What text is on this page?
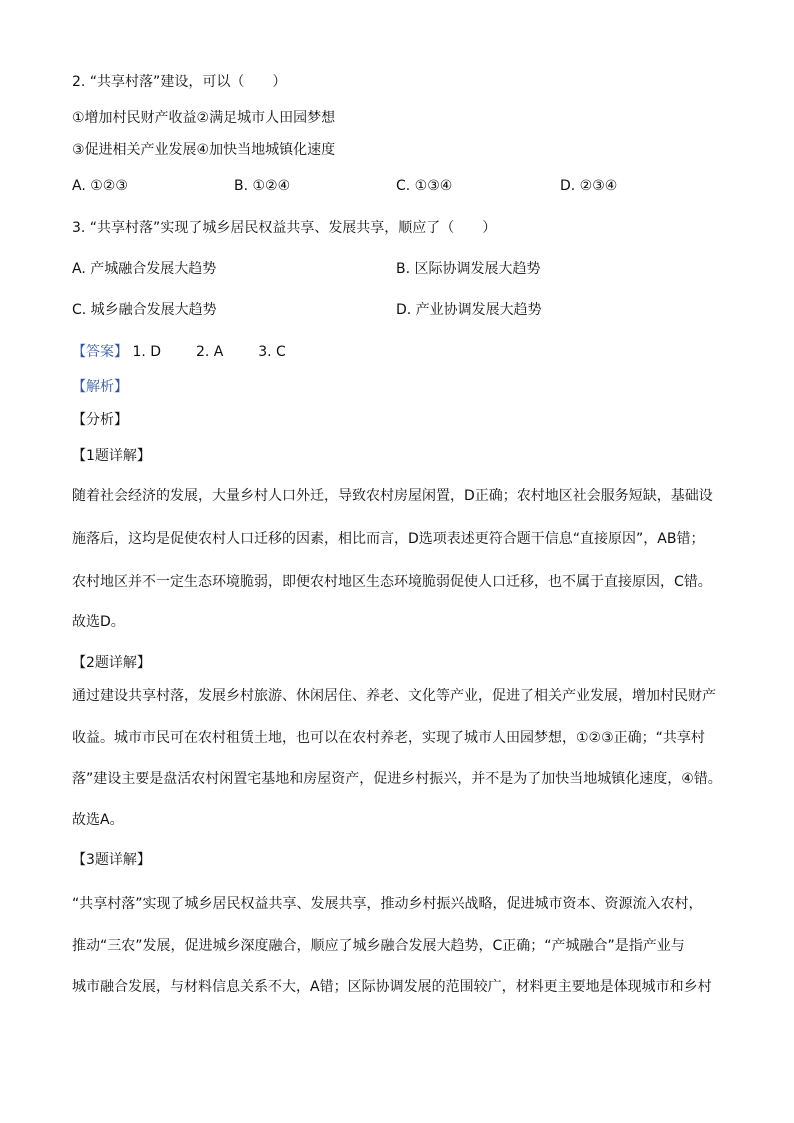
2. “共享村落”建设，可以（　　）
①增加村民财产收益②满足城市人田园梦想
③促进相关产业发展④加快当地城镇化速度
A. ①②③	B. ①②④	C. ①③④	D. ②③④
3. “共享村落”实现了城乡居民权益共享、发展共享，顺应了（　　）
A. 产城融合发展大趋势	B. 区际协调发展大趋势
C. 城乡融合发展大趋势	D. 产业协调发展大趋势
【答案】 1. D 2. A 3. C
【解析】
【分析】
【1题详解】
随着社会经济的发展，大量乡村人口外迁，导致农村房屋闲置，D正确；农村地区社会服务短缺，基础设
施落后，这均是促使农村人口迁移的因素，相比而言，D选项表述更符合题干信息“直接原因”，AB错；
农村地区并不一定生态环境脆弱，即便农村地区生态环境脆弱促使人口迁移，也不属于直接原因，C错。
故选D。
【2题详解】
通过建设共享村落，发展乡村旅游、休闲居住、养老、文化等产业，促进了相关产业发展，增加村民财产
收益。城市市民可在农村租赁土地，也可以在农村养老，实现了城市人田园梦想，①②③正确；“共享村
落”建设主要是盘活农村闲置宅基地和房屋资产，促进乡村振兴，并不是为了加快当地城镇化速度，④错。
故选A。
【3题详解】
“共享村落”实现了城乡居民权益共享、发展共享，推动乡村振兴战略，促进城市资本、资源流入农村，
推动“三农”发展，促进城乡深度融合，顺应了城乡融合发展大趋势，C正确；“产城融合”是指产业与
城市融合发展，与材料信息关系不大，A错；区际协调发展的范围较广，材料更主要地是体现城市和乡村
